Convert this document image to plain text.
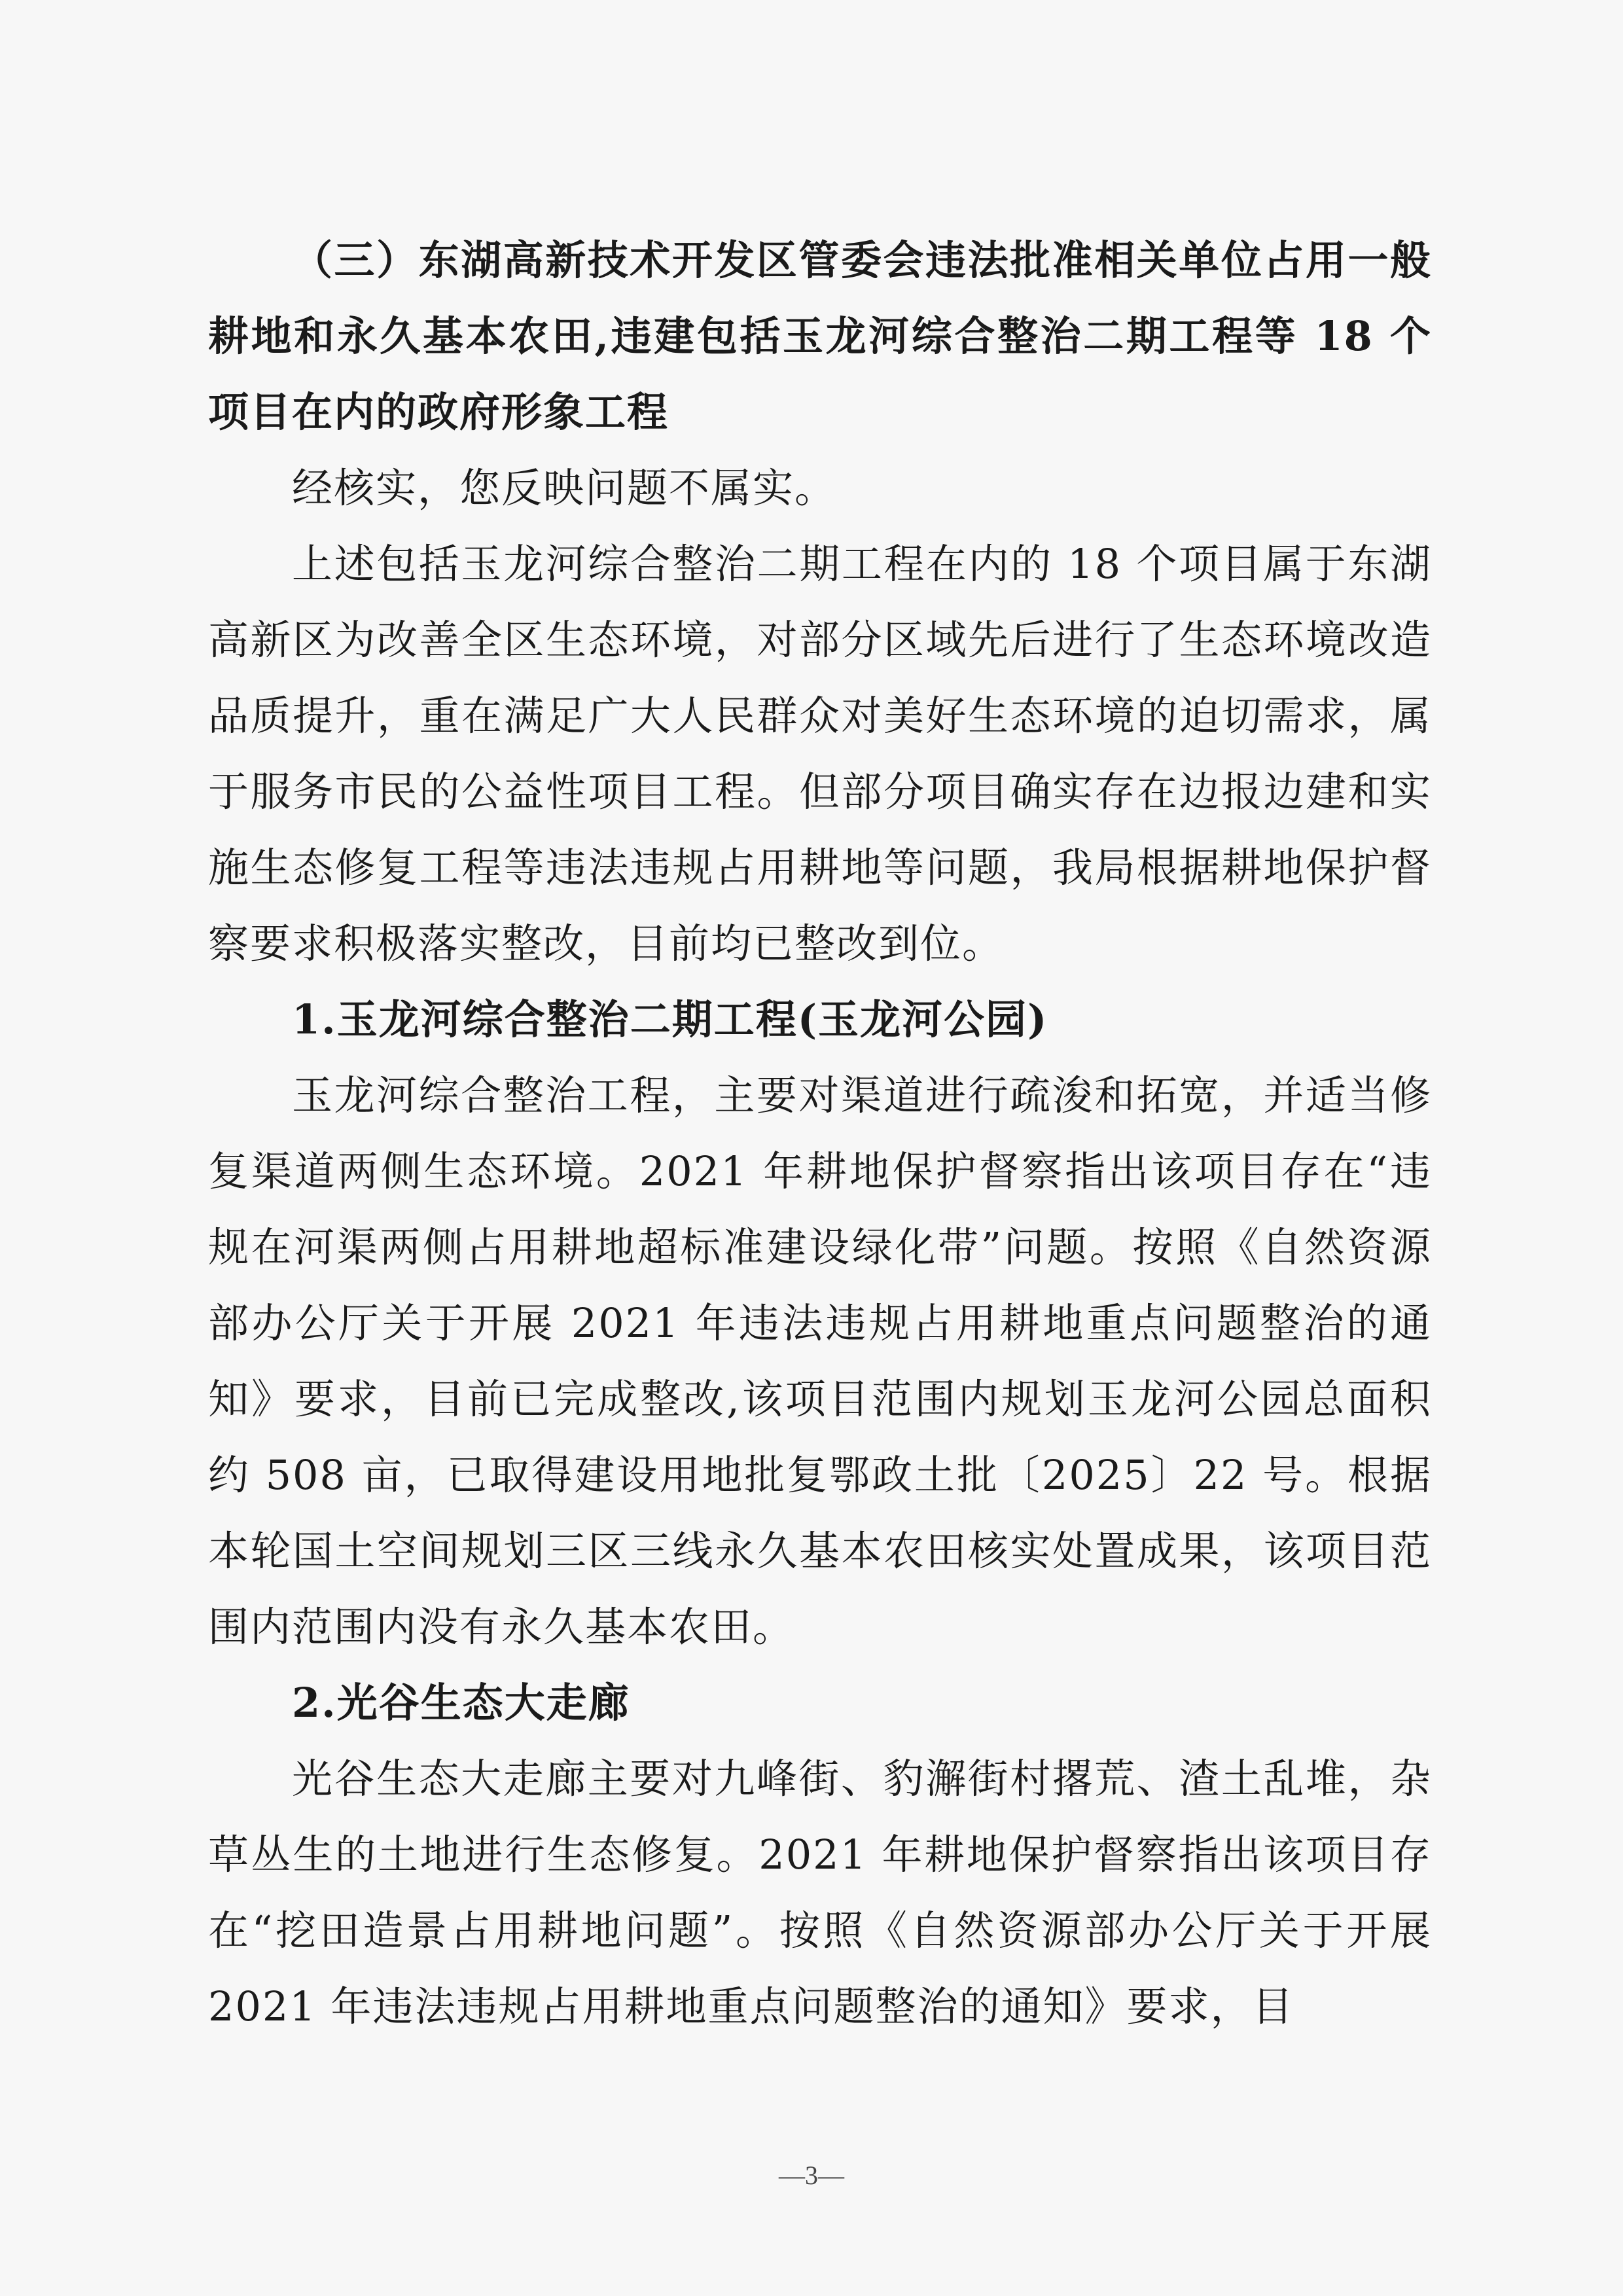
（三）东湖高新技术开发区管委会违法批准相关单位占用一般耕地和永久基本农田,违建包括玉龙河综合整治二期工程等 18 个项目在内的政府形象工程

经核实，您反映问题不属实。

上述包括玉龙河综合整治二期工程在内的 18 个项目属于东湖高新区为改善全区生态环境，对部分区域先后进行了生态环境改造品质提升，重在满足广大人民群众对美好生态环境的迫切需求，属于服务市民的公益性项目工程。但部分项目确实存在边报边建和实施生态修复工程等违法违规占用耕地等问题，我局根据耕地保护督察要求积极落实整改，目前均已整改到位。

1.玉龙河综合整治二期工程(玉龙河公园)

玉龙河综合整治工程，主要对渠道进行疏浚和拓宽，并适当修复渠道两侧生态环境。2021 年耕地保护督察指出该项目存在“违规在河渠两侧占用耕地超标准建设绿化带”问题。按照《自然资源部办公厅关于开展 2021 年违法违规占用耕地重点问题整治的通知》要求，目前已完成整改,该项目范围内规划玉龙河公园总面积约 508 亩，已取得建设用地批复鄂政土批〔2025〕22 号。根据本轮国土空间规划三区三线永久基本农田核实处置成果，该项目范围内范围内没有永久基本农田。

2.光谷生态大走廊

光谷生态大走廊主要对九峰街、豹澥街村撂荒、渣土乱堆，杂草丛生的土地进行生态修复。2021 年耕地保护督察指出该项目存在“挖田造景占用耕地问题”。按照《自然资源部办公厅关于开展 2021 年违法违规占用耕地重点问题整治的通知》要求，目

—3—
